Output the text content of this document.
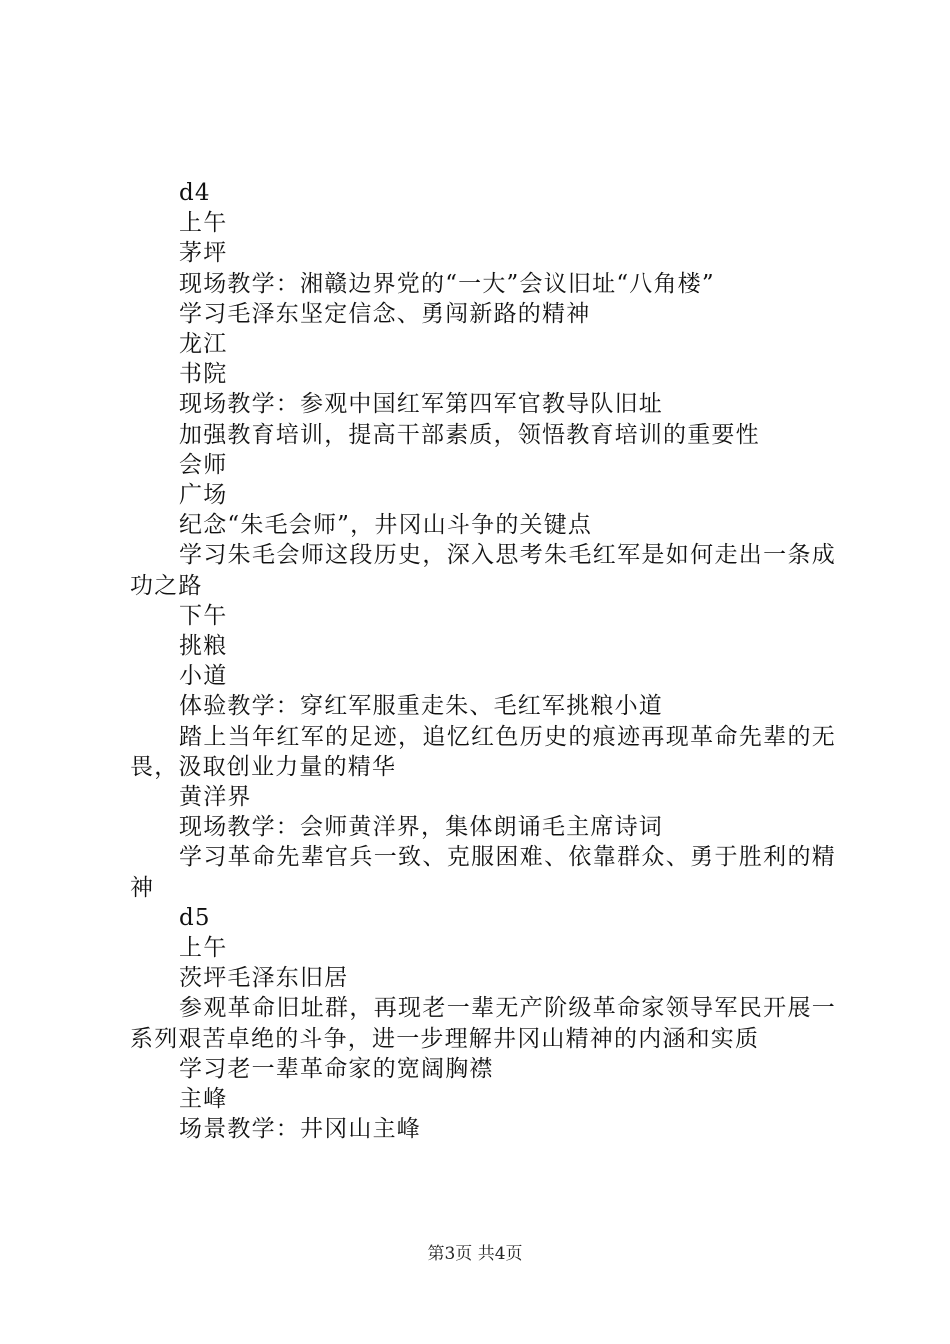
d4

上午

茅坪

现场教学：湘赣边界党的“一大”会议旧址“八角楼”

学习毛泽东坚定信念、勇闯新路的精神

龙江

书院

现场教学：参观中国红军第四军官教导队旧址

加强教育培训，提高干部素质，领悟教育培训的重要性

会师

广场

纪念“朱毛会师”，井冈山斗争的关键点

学习朱毛会师这段历史，深入思考朱毛红军是如何走出一条成功之路

下午

挑粮

小道

体验教学：穿红军服重走朱、毛红军挑粮小道

踏上当年红军的足迹，追忆红色历史的痕迹再现革命先辈的无畏，汲取创业力量的精华

黄洋界

现场教学：会师黄洋界，集体朗诵毛主席诗词

学习革命先辈官兵一致、克服困难、依靠群众、勇于胜利的精神

d5

上午

茨坪毛泽东旧居

参观革命旧址群，再现老一辈无产阶级革命家领导军民开展一系列艰苦卓绝的斗争，进一步理解井冈山精神的内涵和实质

学习老一辈革命家的宽阔胸襟

主峰

场景教学：井冈山主峰

第3页 共4页
